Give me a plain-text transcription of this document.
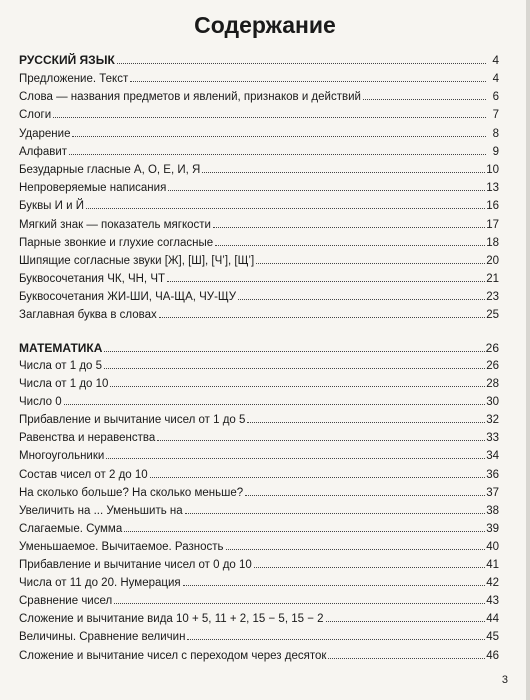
Содержание
РУССКИЙ ЯЗЫК	4
Предложение. Текст	4
Слова — названия предметов и явлений, признаков и действий	6
Слоги	7
Ударение	8
Алфавит	9
Безударные гласные А, О, Е, И, Я	10
Непроверяемые написания	13
Буквы И и Й	16
Мягкий знак — показатель мягкости	17
Парные звонкие и глухие согласные	18
Шипящие согласные звуки [Ж], [Ш], [Ч’], [Щ’]	20
Буквосочетания ЧК, ЧН, ЧТ	21
Буквосочетания ЖИ-ШИ, ЧА-ЩА, ЧУ-ЩУ	23
Заглавная буква в словах	25
МАТЕМАТИКА	26
Числа от 1 до 5	26
Числа от 1 до 10	28
Число 0	30
Прибавление и вычитание чисел от 1 до 5	32
Равенства и неравенства	33
Многоугольники	34
Состав чисел от 2 до 10	36
На сколько больше? На сколько меньше?	37
Увеличить на ... Уменьшить на	38
Слагаемые. Сумма	39
Уменьшаемое. Вычитаемое. Разность	40
Прибавление и вычитание чисел от 0 до 10	41
Числа от 11 до 20. Нумерация	42
Сравнение чисел	43
Сложение и вычитание вида 10 + 5, 11 + 2, 15 − 5, 15 − 2	44
Величины. Сравнение величин	45
Сложение и вычитание чисел с переходом через десяток	46
3
